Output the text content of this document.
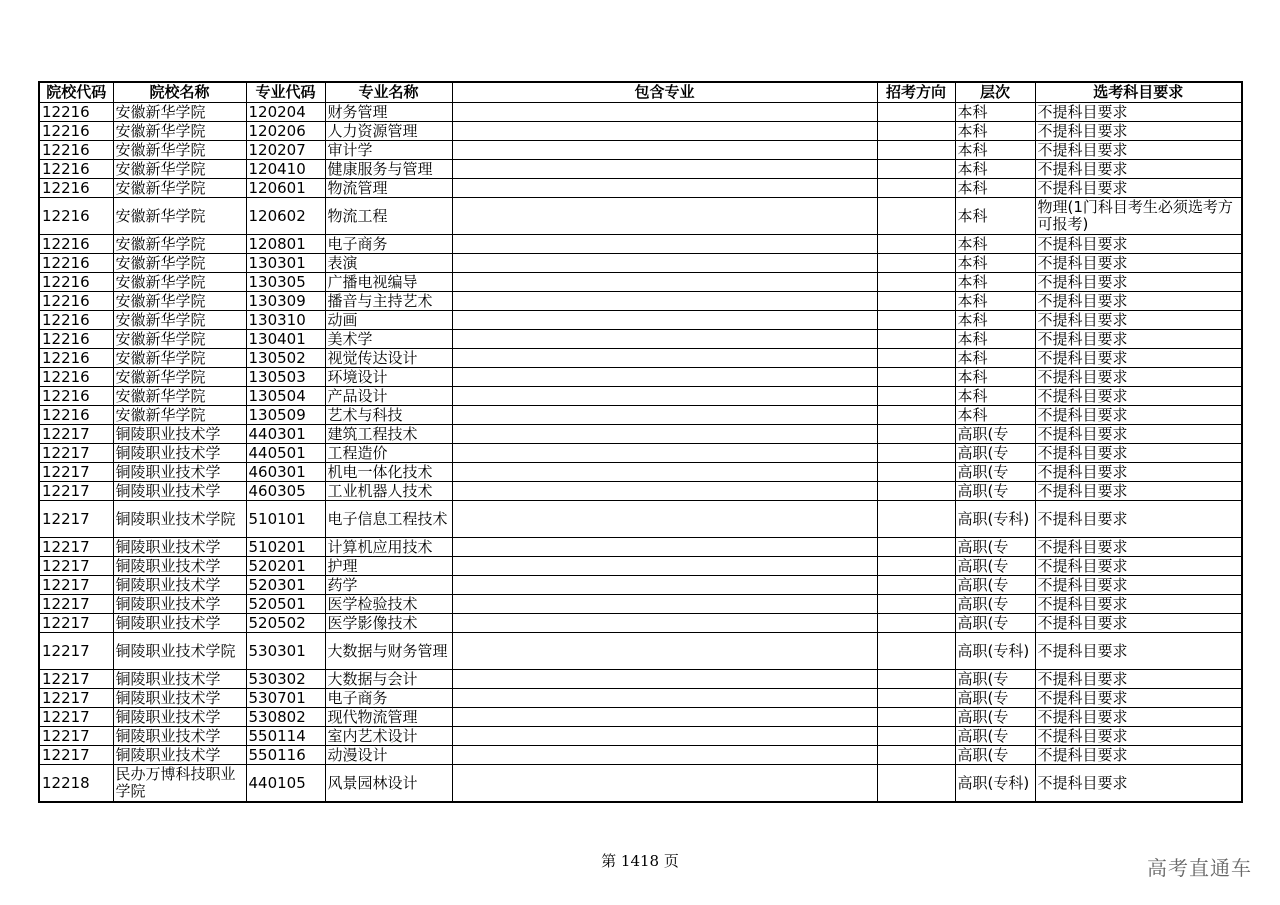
院校代码	院校名称	专业代码	专业名称	包含专业	招考方向	层次	选考科目要求
12216	安徽新华学院	120204	财务管理			本科	不提科目要求
12216	安徽新华学院	120206	人力资源管理			本科	不提科目要求
12216	安徽新华学院	120207	审计学			本科	不提科目要求
12216	安徽新华学院	120410	健康服务与管理			本科	不提科目要求
12216	安徽新华学院	120601	物流管理			本科	不提科目要求
12216	安徽新华学院	120602	物流工程			本科	物理(1门科目考生必须选考方可报考)
12216	安徽新华学院	120801	电子商务			本科	不提科目要求
12216	安徽新华学院	130301	表演			本科	不提科目要求
12216	安徽新华学院	130305	广播电视编导			本科	不提科目要求
12216	安徽新华学院	130309	播音与主持艺术			本科	不提科目要求
12216	安徽新华学院	130310	动画			本科	不提科目要求
12216	安徽新华学院	130401	美术学			本科	不提科目要求
12216	安徽新华学院	130502	视觉传达设计			本科	不提科目要求
12216	安徽新华学院	130503	环境设计			本科	不提科目要求
12216	安徽新华学院	130504	产品设计			本科	不提科目要求
12216	安徽新华学院	130509	艺术与科技			本科	不提科目要求
12217	铜陵职业技术学	440301	建筑工程技术			高职(专	不提科目要求
12217	铜陵职业技术学	440501	工程造价			高职(专	不提科目要求
12217	铜陵职业技术学	460301	机电一体化技术			高职(专	不提科目要求
12217	铜陵职业技术学	460305	工业机器人技术			高职(专	不提科目要求
12217	铜陵职业技术学院	510101	电子信息工程技术			高职(专科)	不提科目要求
12217	铜陵职业技术学	510201	计算机应用技术			高职(专	不提科目要求
12217	铜陵职业技术学	520201	护理			高职(专	不提科目要求
12217	铜陵职业技术学	520301	药学			高职(专	不提科目要求
12217	铜陵职业技术学	520501	医学检验技术			高职(专	不提科目要求
12217	铜陵职业技术学	520502	医学影像技术			高职(专	不提科目要求
12217	铜陵职业技术学院	530301	大数据与财务管理			高职(专科)	不提科目要求
12217	铜陵职业技术学	530302	大数据与会计			高职(专	不提科目要求
12217	铜陵职业技术学	530701	电子商务			高职(专	不提科目要求
12217	铜陵职业技术学	530802	现代物流管理			高职(专	不提科目要求
12217	铜陵职业技术学	550114	室内艺术设计			高职(专	不提科目要求
12217	铜陵职业技术学	550116	动漫设计			高职(专	不提科目要求
12218	民办万博科技职业学院	440105	风景园林设计			高职(专科)	不提科目要求
第 1418 页	高考直通车
